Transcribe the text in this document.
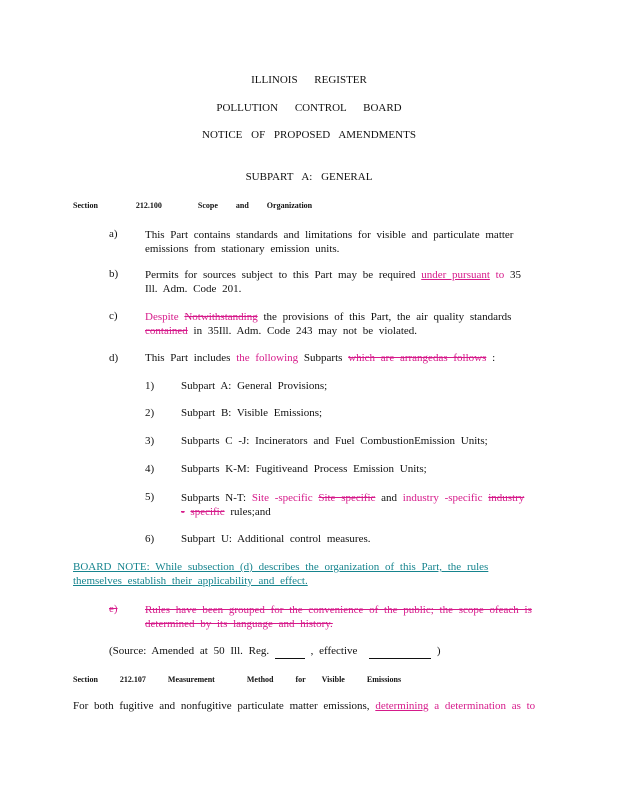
ILLINOIS REGISTER
POLLUTION CONTROL BOARD
NOTICE OF PROPOSED AMENDMENTS
SUBPART A: GENERAL
Section	212.100	Scope and Organization
a) This Part contains standards and limitations for visible and particulate matter emissions from stationary emission units.
b) Permits for sources subject to this Part may be required under pursuant to 35 Ill. Adm. Code 201.
c) Despite Notwithstanding the provisions of this Part, the air quality standards contained in 35Ill. Adm. Code 243 may not be violated.
d) This Part includes the following Subparts which are arrangedas follows :
1) Subpart A: General Provisions;
2) Subpart B: Visible Emissions;
3) Subparts C -J: Incinerators and Fuel CombustionEmission Units;
4) Subparts K-M: Fugitiveand Process Emission Units;
5) Subparts N-T: Site -specific Site specific and industry -specific industry - specific rules;and
6) Subpart U: Additional control measures.
BOARD NOTE: While subsection (d) describes the organization of this Part, the rules
themselves establish their applicability and effect.
e) Rules have been grouped for the convenience of the public; the scope ofeach is
determined by its language and history.
(Source: Amended at 50 Ill. Reg.	, effective	)
Section	212.107	Measurement	Method	for Visible	Emissions
For both fugitive and nonfugitive particulate matter emissions, determining a determination as to
